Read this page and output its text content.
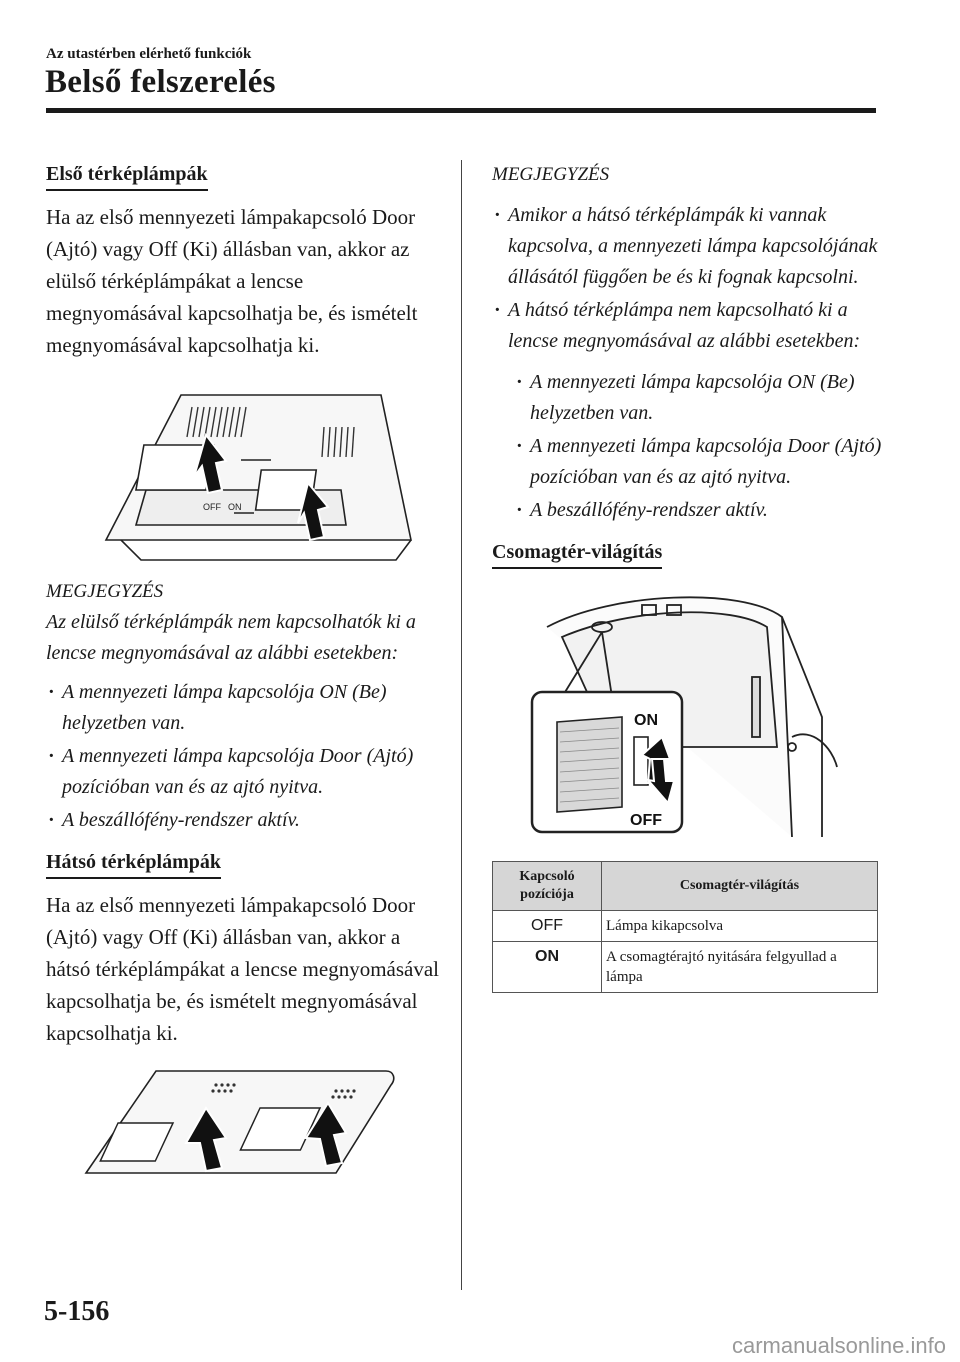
Az utastérben elérhető funkciók
Belső felszerelés
Első térképlámpák

Ha az első mennyezeti lámpakapcsoló Door (Ajtó) vagy Off (Ki) állásban van, akkor az elülső térképlámpákat a lencse megnyomásával kapcsolhatja be, és ismételt megnyomásával kapcsolhatja ki.

OFF ON

MEGJEGYZÉS

Az elülső térképlámpák nem kapcsolhatók ki a lencse megnyomásával az alábbi esetekben:

· A mennyezeti lámpa kapcsolója ON (Be) helyzetben van.
· A mennyezeti lámpa kapcsolója Door (Ajtó) pozícióban van és az ajtó nyitva.
· A beszállófény-rendszer aktív.
Hátsó térképlámpák

Ha az első mennyezeti lámpakapcsoló Door (Ajtó) vagy Off (Ki) állásban van, akkor a hátsó térképlámpákat a lencse megnyomásával kapcsolhatja be, és ismételt megnyomásával kapcsolhatja ki.

MEGJEGYZÉS

· Amikor a hátsó térképlámpák ki vannak kapcsolva, a mennyezeti lámpa kapcsolójának állásától függően be és ki fognak kapcsolni.
· A hátsó térképlámpa nem kapcsolható ki a lencse megnyomásával az alábbi esetekben:
· A mennyezeti lámpa kapcsolója ON (Be) helyzetben van.
· A mennyezeti lámpa kapcsolója Door (Ajtó) pozícióban van és az ajtó nyitva.
· A beszállófény-rendszer aktív.
Csomagtér-világítás
ON
OFF
Kapcsoló pozíciója	Csomagtér-világítás
OFF	Lámpa kikapcsolva
ON	A csomagtérajtó nyitására felgyullad a lámpa
5-156
carmanualsonline.info
